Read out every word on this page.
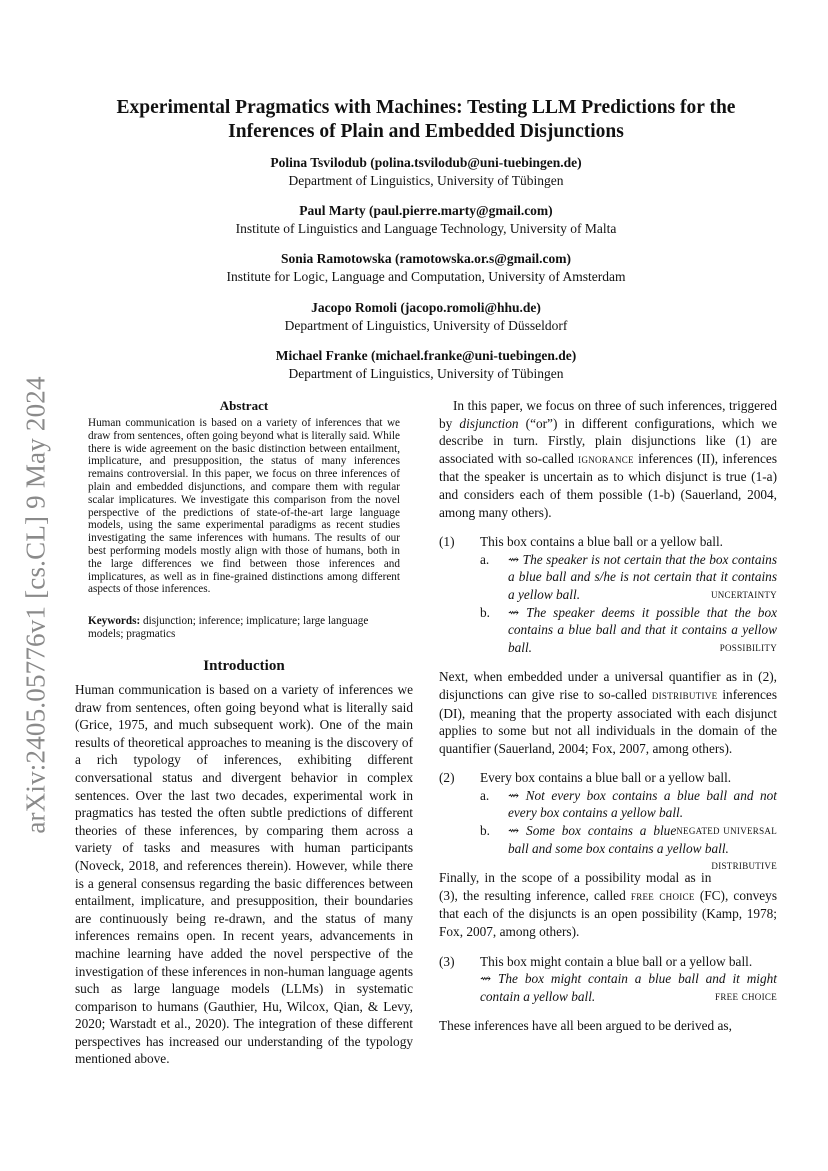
arXiv:2405.05776v1 [cs.CL] 9 May 2024
Experimental Pragmatics with Machines: Testing LLM Predictions for the Inferences of Plain and Embedded Disjunctions
Polina Tsvilodub (polina.tsvilodub@uni-tuebingen.de)
Department of Linguistics, University of Tübingen
Paul Marty (paul.pierre.marty@gmail.com)
Institute of Linguistics and Language Technology, University of Malta
Sonia Ramotowska (ramotowska.or.s@gmail.com)
Institute for Logic, Language and Computation, University of Amsterdam
Jacopo Romoli (jacopo.romoli@hhu.de)
Department of Linguistics, University of Düsseldorf
Michael Franke (michael.franke@uni-tuebingen.de)
Department of Linguistics, University of Tübingen
Abstract
Human communication is based on a variety of inferences that we draw from sentences, often going beyond what is literally said. While there is wide agreement on the basic distinction between entailment, implicature, and presupposition, the status of many inferences remains controversial. In this paper, we focus on three inferences of plain and embedded disjunctions, and compare them with regular scalar implicatures. We investigate this comparison from the novel perspective of the predictions of state-of-the-art large language models, using the same experimental paradigms as recent studies investigating the same inferences with humans. The results of our best performing models mostly align with those of humans, both in the large differences we find between those inferences and implicatures, as well as in fine-grained distinctions among different aspects of those inferences.
Keywords: disjunction; inference; implicature; large language models; pragmatics
Introduction
Human communication is based on a variety of inferences we draw from sentences, often going beyond what is literally said (Grice, 1975, and much subsequent work). One of the main results of theoretical approaches to meaning is the discovery of a rich typology of inferences, exhibiting different conversational status and divergent behavior in complex sentences. Over the last two decades, experimental work in pragmatics has tested the often subtle predictions of different theories of these inferences, by comparing them across a variety of tasks and measures with human participants (Noveck, 2018, and references therein). However, while there is a general consensus regarding the basic differences between entailment, implicature, and presupposition, their boundaries are continuously being re-drawn, and the status of many inferences remains open. In recent years, advancements in machine learning have added the novel perspective of the investigation of these inferences in non-human language agents such as large language models (LLMs) in systematic comparison to humans (Gauthier, Hu, Wilcox, Qian, & Levy, 2020; Warstadt et al., 2020). The integration of these different perspectives has increased our understanding of the typology mentioned above.
In this paper, we focus on three of such inferences, triggered by disjunction (“or”) in different configurations, which we describe in turn. Firstly, plain disjunctions like (1) are associated with so-called ignorance inferences (II), inferences that the speaker is uncertain as to which disjunct is true (1-a) and considers each of them possible (1-b) (Sauerland, 2004, among many others).
(1) This box contains a blue ball or a yellow ball.
a. ⇝ The speaker is not certain that the box contains a blue ball and s/he is not certain that it contains a yellow ball.	uncertainty
b. ⇝ The speaker deems it possible that the box contains a blue ball and that it contains a yellow ball.	possibility
Next, when embedded under a universal quantifier as in (2), disjunctions can give rise to so-called distributive inferences (DI), meaning that the property associated with each disjunct applies to some but not all individuals in the domain of the quantifier (Sauerland, 2004; Fox, 2007, among others).
(2) Every box contains a blue ball or a yellow ball.
a. ⇝ Not every box contains a blue ball and not every box contains a yellow ball.
negated universal
b. ⇝ Some box contains a blue ball and some box contains a yellow ball.
distributive
Finally, in the scope of a possibility modal as in (3), the resulting inference, called free choice (FC), conveys that each of the disjuncts is an open possibility (Kamp, 1978; Fox, 2007, among others).
(3) This box might contain a blue ball or a yellow ball.
⇝ The box might contain a blue ball and it might contain a yellow ball.	free choice
These inferences have all been argued to be derived as,
